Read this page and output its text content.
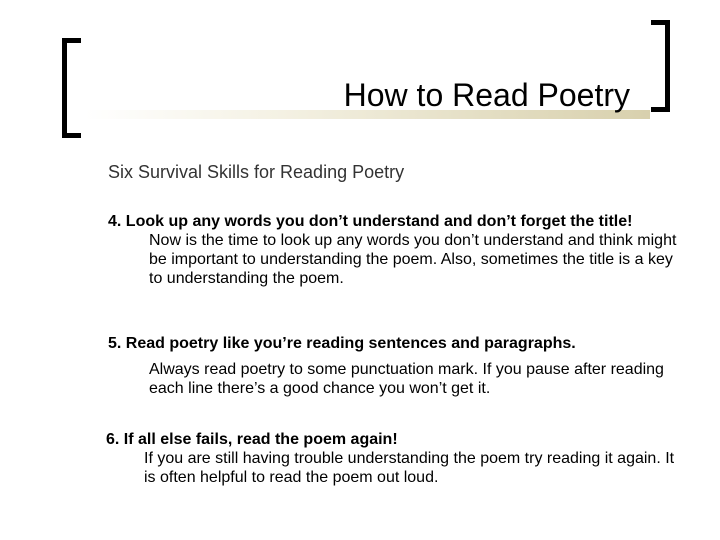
How to Read Poetry

Six Survival Skills for Reading Poetry

4. Look up any words you don’t understand and don’t forget the title!

Now is the time to look up any words you don’t understand and think might be important to understanding the poem. Also, sometimes the title is a key to understanding the poem.

5. Read poetry like you’re reading sentences and paragraphs.

Always read poetry to some punctuation mark. If you pause after reading each line there’s a good chance you won’t get it.

6. If all else fails, read the poem again!

If you are still having trouble understanding the poem try reading it again. It is often helpful to read the poem out loud.
